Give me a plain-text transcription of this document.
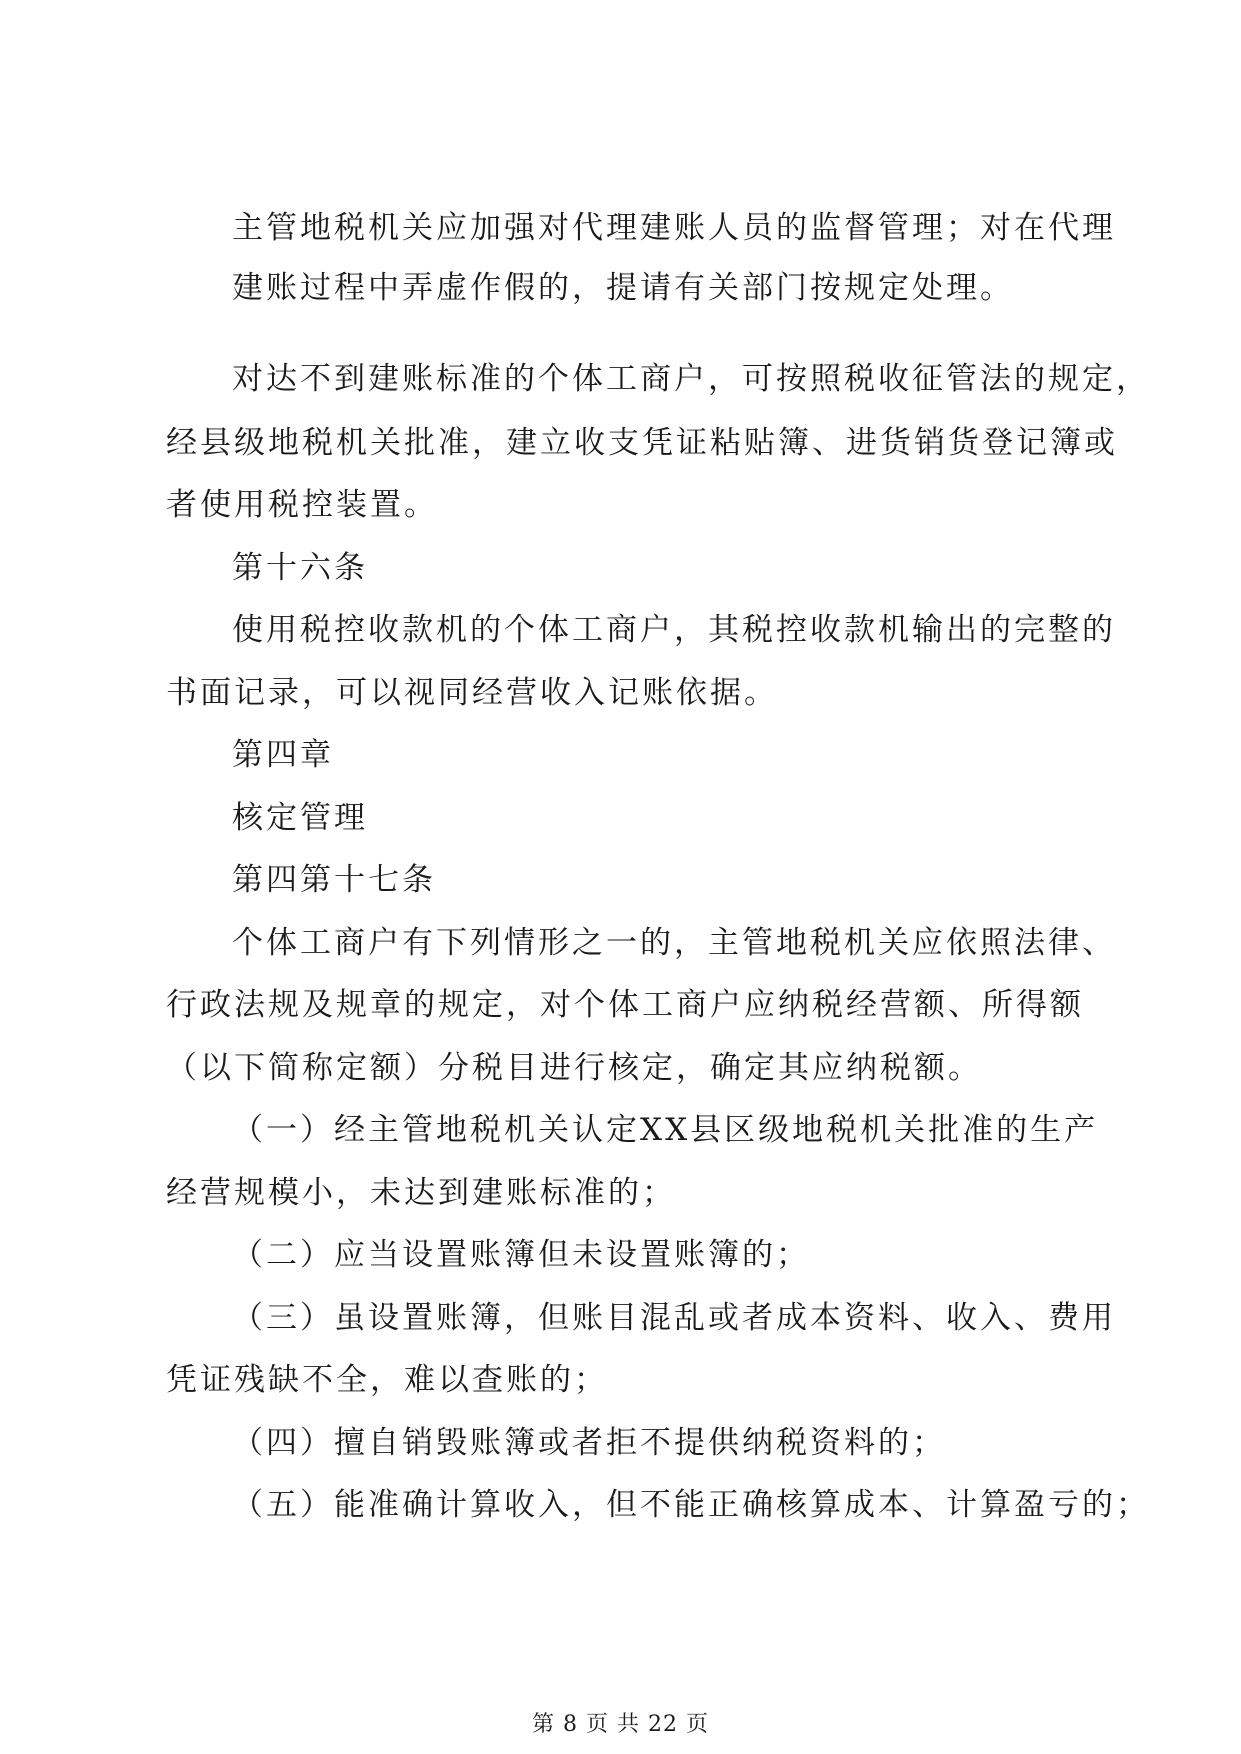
主管地税机关应加强对代理建账人员的监督管理；对在代理
建账过程中弄虚作假的，提请有关部门按规定处理。
对达不到建账标准的个体工商户，可按照税收征管法的规定，
经县级地税机关批准，建立收支凭证粘贴簿、进货销货登记簿或
者使用税控装置。
第十六条
使用税控收款机的个体工商户，其税控收款机输出的完整的
书面记录，可以视同经营收入记账依据。
第四章
核定管理
第四第十七条
个体工商户有下列情形之一的，主管地税机关应依照法律、
行政法规及规章的规定，对个体工商户应纳税经营额、所得额
（以下简称定额）分税目进行核定，确定其应纳税额。
（一）经主管地税机关认定XX县区级地税机关批准的生产
经营规模小，未达到建账标准的；
（二）应当设置账簿但未设置账簿的；
（三）虽设置账簿，但账目混乱或者成本资料、收入、费用
凭证残缺不全，难以查账的；
（四）擅自销毁账簿或者拒不提供纳税资料的；
（五）能准确计算收入，但不能正确核算成本、计算盈亏的；
第 8 页 共 22 页
